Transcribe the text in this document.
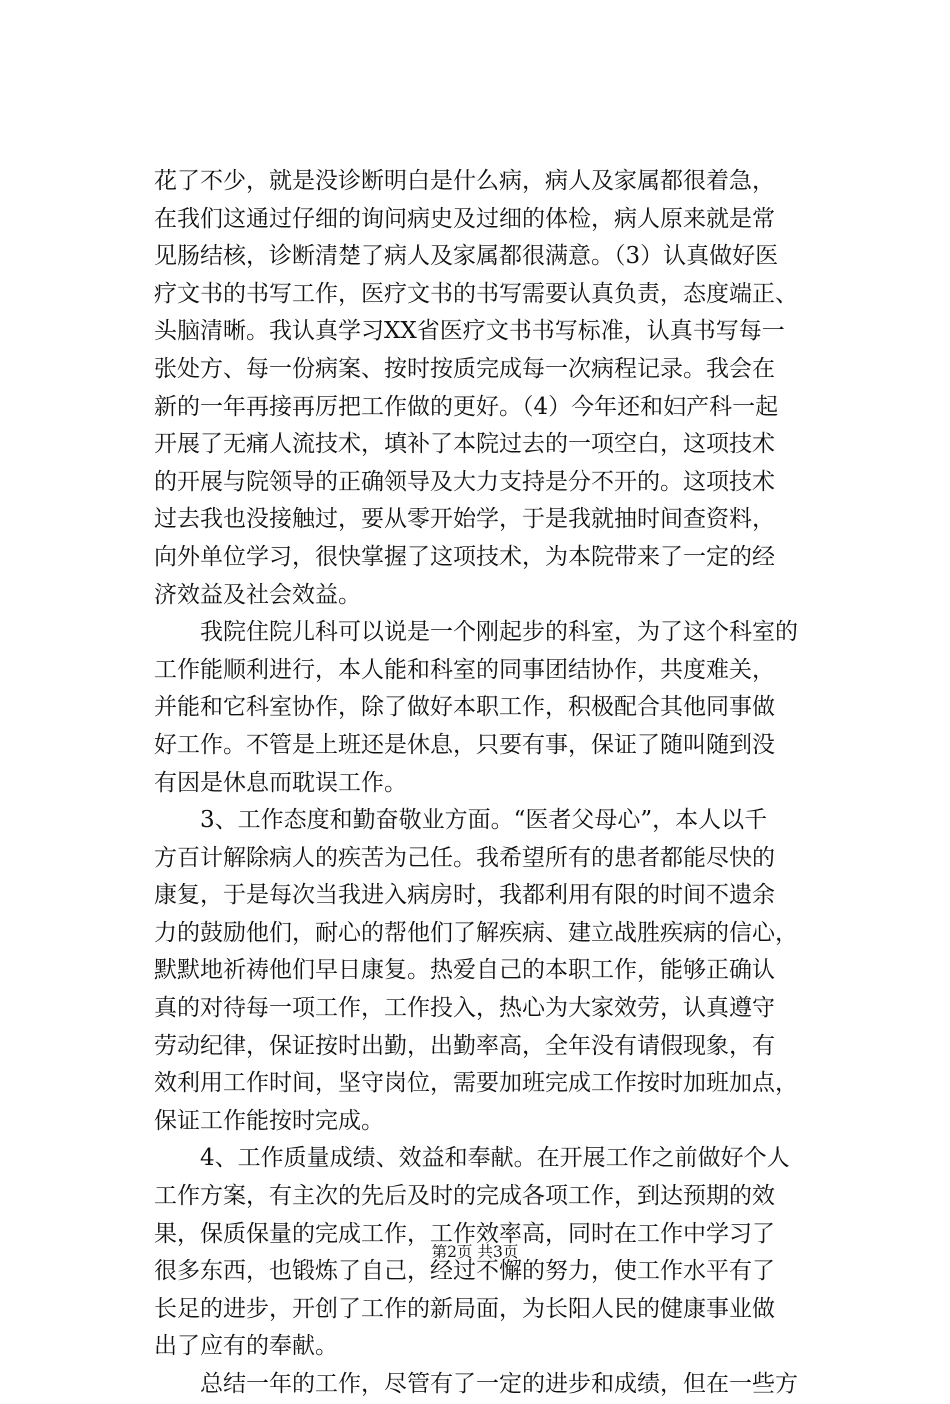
花了不少，就是没诊断明白是什么病，病人及家属都很着急，
在我们这通过仔细的询问病史及过细的体检，病人原来就是常
见肠结核，诊断清楚了病人及家属都很满意。（3）认真做好医
疗文书的书写工作，医疗文书的书写需要认真负责，态度端正、
头脑清晰。我认真学习XX省医疗文书书写标准，认真书写每一
张处方、每一份病案、按时按质完成每一次病程记录。我会在
新的一年再接再厉把工作做的更好。（4）今年还和妇产科一起
开展了无痛人流技术，填补了本院过去的一项空白，这项技术
的开展与院领导的正确领导及大力支持是分不开的。这项技术
过去我也没接触过，要从零开始学，于是我就抽时间查资料，
向外单位学习，很快掌握了这项技术，为本院带来了一定的经
济效益及社会效益。
　　我院住院儿科可以说是一个刚起步的科室，为了这个科室的
工作能顺利进行，本人能和科室的同事团结协作，共度难关，
并能和它科室协作，除了做好本职工作，积极配合其他同事做
好工作。不管是上班还是休息，只要有事，保证了随叫随到没
有因是休息而耽误工作。
　　3、工作态度和勤奋敬业方面。“医者父母心”，本人以千
方百计解除病人的疾苦为己任。我希望所有的患者都能尽快的
康复，于是每次当我进入病房时，我都利用有限的时间不遗余
力的鼓励他们，耐心的帮他们了解疾病、建立战胜疾病的信心，
默默地祈祷他们早日康复。热爱自己的本职工作，能够正确认
真的对待每一项工作，工作投入，热心为大家效劳，认真遵守
劳动纪律，保证按时出勤，出勤率高，全年没有请假现象，有
效利用工作时间，坚守岗位，需要加班完成工作按时加班加点，
保证工作能按时完成。
　　4、工作质量成绩、效益和奉献。在开展工作之前做好个人
工作方案，有主次的先后及时的完成各项工作，到达预期的效
果，保质保量的完成工作，工作效率高，同时在工作中学习了
很多东西，也锻炼了自己，经过不懈的努力，使工作水平有了
长足的进步，开创了工作的新局面，为长阳人民的健康事业做
出了应有的奉献。
　　总结一年的工作，尽管有了一定的进步和成绩，但在一些方
第2页 共3页
